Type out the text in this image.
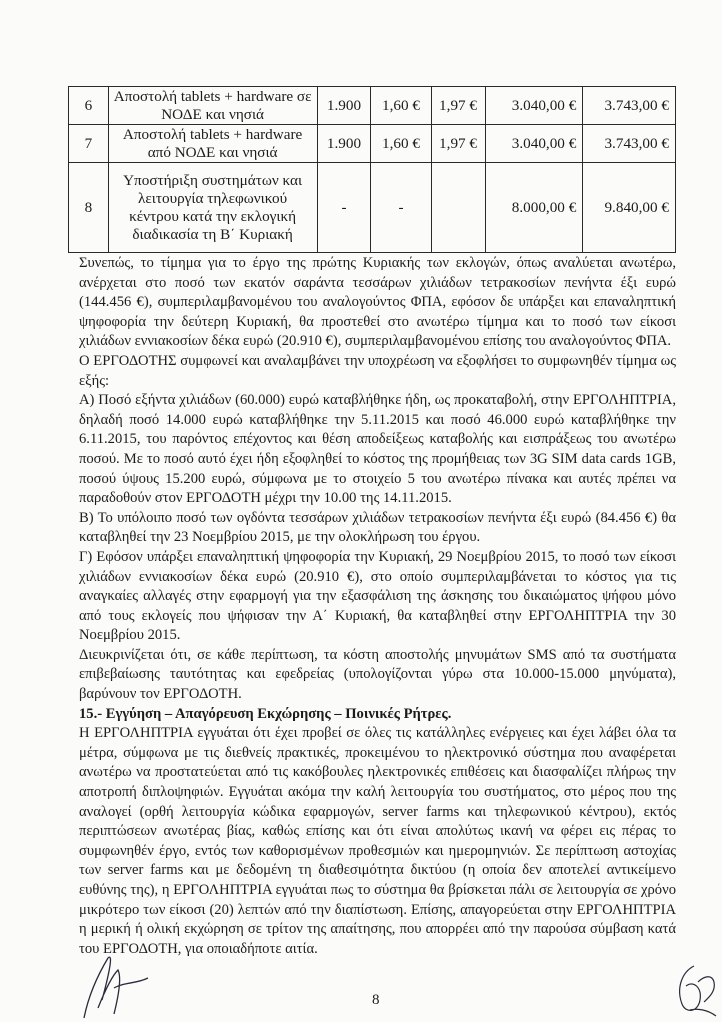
6	Αποστολή tablets + hardware σε ΝΟΔΕ και νησιά	1.900	1,60 €	1,97 €	3.040,00 €	3.743,00 €
7	Αποστολή tablets + hardware από ΝΟΔΕ και νησιά	1.900	1,60 €	1,97 €	3.040,00 €	3.743,00 €
8	Υποστήριξη συστημάτων και λειτουργία τηλεφωνικού κέντρου κατά την εκλογική διαδικασία τη Β΄ Κυριακή	-	-		8.000,00 €	9.840,00 €

Συνεπώς, το τίμημα για το έργο της πρώτης Κυριακής των εκλογών, όπως αναλύεται ανωτέρω, ανέρχεται στο ποσό των εκατόν σαράντα τεσσάρων χιλιάδων τετρακοσίων πενήντα έξι ευρώ (144.456 €), συμπεριλαμβανομένου του αναλογούντος ΦΠΑ, εφόσον δε υπάρξει και επαναληπτική ψηφοφορία την δεύτερη Κυριακή, θα προστεθεί στο ανωτέρω τίμημα και το ποσό των είκοσι χιλιάδων εννιακοσίων δέκα ευρώ (20.910 €), συμπεριλαμβανομένου επίσης του αναλογούντος ΦΠΑ.

Ο ΕΡΓΟΔΟΤΗΣ συμφωνεί και αναλαμβάνει την υποχρέωση να εξοφλήσει το συμφωνηθέν τίμημα ως εξής:

Α) Ποσό εξήντα χιλιάδων (60.000) ευρώ καταβλήθηκε ήδη, ως προκαταβολή, στην ΕΡΓΟΛΗΠΤΡΙΑ, δηλαδή ποσό 14.000 ευρώ καταβλήθηκε την 5.11.2015 και ποσό 46.000 ευρώ καταβλήθηκε την 6.11.2015, του παρόντος επέχοντος και θέση αποδείξεως καταβολής και εισπράξεως του ανωτέρω ποσού. Με το ποσό αυτό έχει ήδη εξοφληθεί το κόστος της προμήθειας των 3G SIM data cards 1GB, ποσού ύψους 15.200 ευρώ, σύμφωνα με το στοιχείο 5 του ανωτέρω πίνακα και αυτές πρέπει να παραδοθούν στον ΕΡΓΟΔΟΤΗ μέχρι την 10.00 της 14.11.2015.

Β) Το υπόλοιπο ποσό των ογδόντα τεσσάρων χιλιάδων τετρακοσίων πενήντα έξι ευρώ (84.456 €) θα καταβληθεί την 23 Νοεμβρίου 2015, με την ολοκλήρωση του έργου.

Γ) Εφόσον υπάρξει επαναληπτική ψηφοφορία την Κυριακή, 29 Νοεμβρίου 2015, το ποσό των είκοσι χιλιάδων εννιακοσίων δέκα ευρώ (20.910 €), στο οποίο συμπεριλαμβάνεται το κόστος για τις αναγκαίες αλλαγές στην εφαρμογή για την εξασφάλιση της άσκησης του δικαιώματος ψήφου μόνο από τους εκλογείς που ψήφισαν την Α΄ Κυριακή, θα καταβληθεί στην ΕΡΓΟΛΗΠΤΡΙΑ την 30 Νοεμβρίου 2015.

Διευκρινίζεται ότι, σε κάθε περίπτωση, τα κόστη αποστολής μηνυμάτων SMS από τα συστήματα επιβεβαίωσης ταυτότητας και εφεδρείας (υπολογίζονται γύρω στα 10.000-15.000 μηνύματα), βαρύνουν τον ΕΡΓΟΔΟΤΗ.

15.- Εγγύηση – Απαγόρευση Εκχώρησης – Ποινικές Ρήτρες.

Η ΕΡΓΟΛΗΠΤΡΙΑ εγγυάται ότι έχει προβεί σε όλες τις κατάλληλες ενέργειες και έχει λάβει όλα τα μέτρα, σύμφωνα με τις διεθνείς πρακτικές, προκειμένου το ηλεκτρονικό σύστημα που αναφέρεται ανωτέρω να προστατεύεται από τις κακόβουλες ηλεκτρονικές επιθέσεις και διασφαλίζει πλήρως την αποτροπή διπλοψηφιών. Εγγυάται ακόμα την καλή λειτουργία του συστήματος, στο μέρος που της αναλογεί (ορθή λειτουργία κώδικα εφαρμογών, server farms και τηλεφωνικού κέντρου), εκτός περιπτώσεων ανωτέρας βίας, καθώς επίσης και ότι είναι απολύτως ικανή να φέρει εις πέρας το συμφωνηθέν έργο, εντός των καθορισμένων προθεσμιών και ημερομηνιών. Σε περίπτωση αστοχίας των server farms και με δεδομένη τη διαθεσιμότητα δικτύου (η οποία δεν αποτελεί αντικείμενο ευθύνης της), η ΕΡΓΟΛΗΠΤΡΙΑ εγγυάται πως το σύστημα θα βρίσκεται πάλι σε λειτουργία σε χρόνο μικρότερο των είκοσι (20) λεπτών από την διαπίστωση. Επίσης, απαγορεύεται στην ΕΡΓΟΛΗΠΤΡΙΑ η μερική ή ολική εκχώρηση σε τρίτον της απαίτησης, που απορρέει από την παρούσα σύμβαση κατά του ΕΡΓΟΔΟΤΗ, για οποιαδήποτε αιτία.

8
